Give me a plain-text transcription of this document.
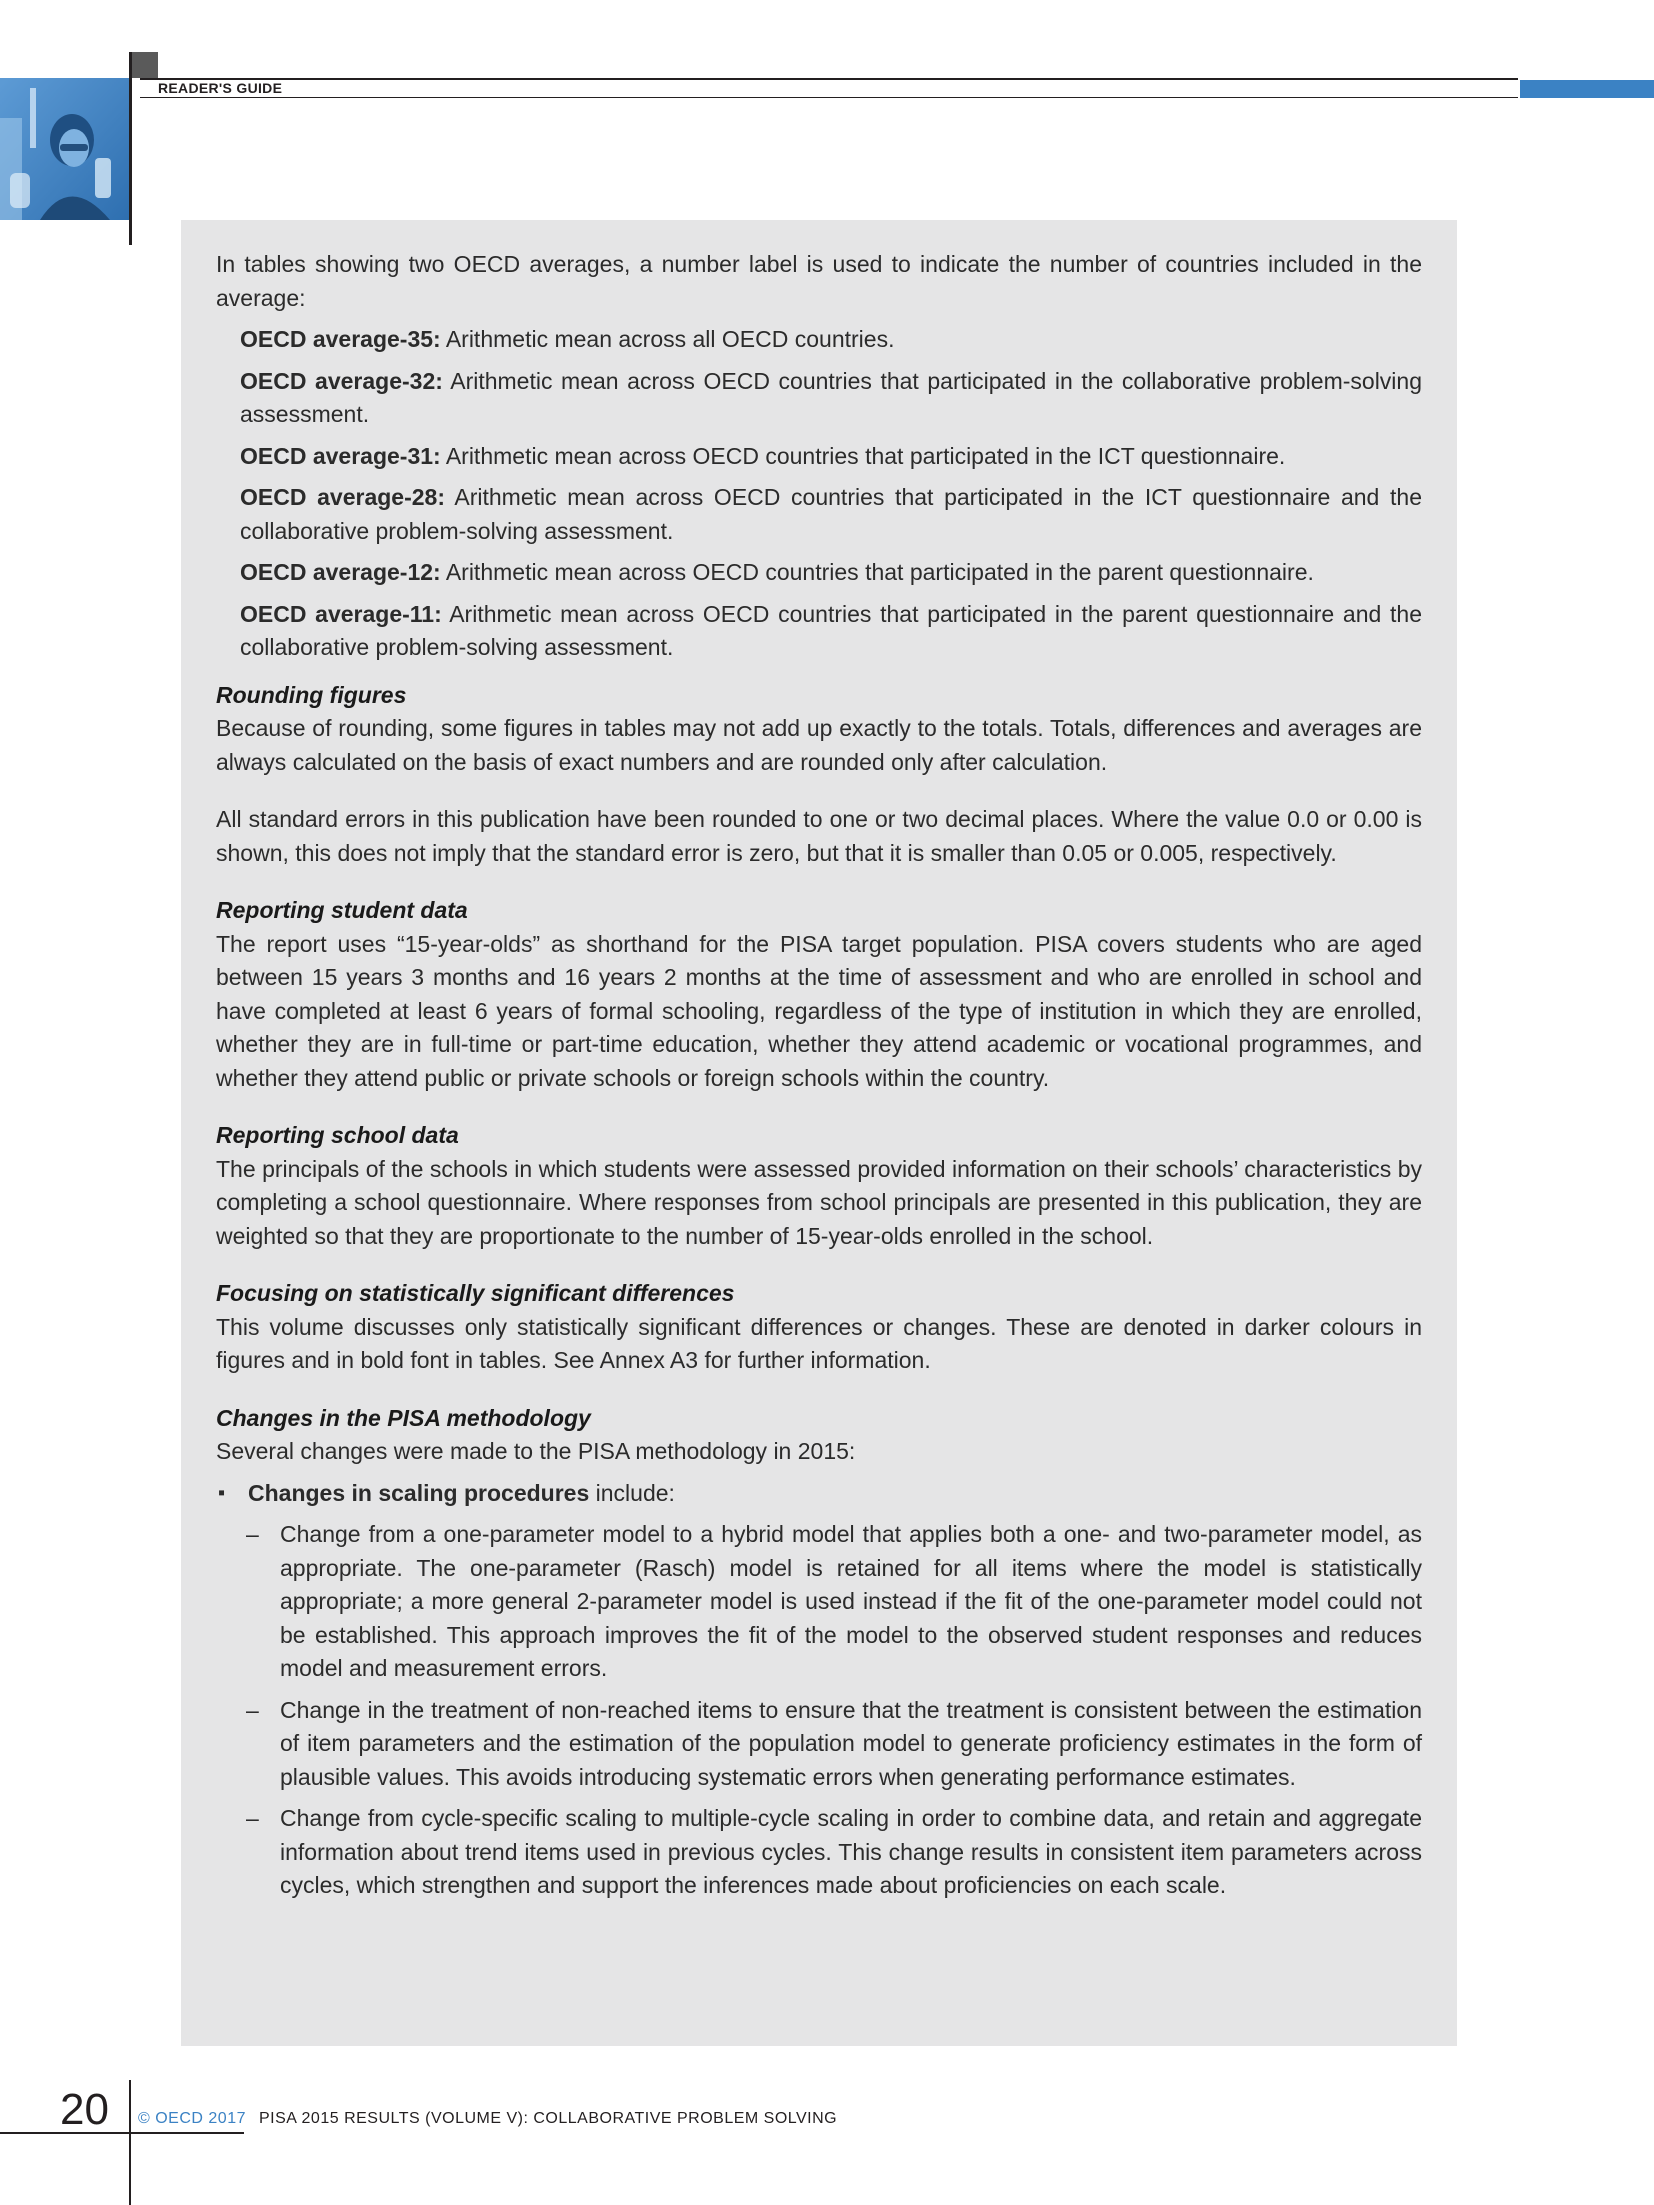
READER'S GUIDE

In tables showing two OECD averages, a number label is used to indicate the number of countries included in the average:

OECD average-35: Arithmetic mean across all OECD countries.

OECD average-32: Arithmetic mean across OECD countries that participated in the collaborative problem-solving assessment.

OECD average-31: Arithmetic mean across OECD countries that participated in the ICT questionnaire.

OECD average-28: Arithmetic mean across OECD countries that participated in the ICT questionnaire and the collaborative problem-solving assessment.

OECD average-12: Arithmetic mean across OECD countries that participated in the parent questionnaire.

OECD average-11: Arithmetic mean across OECD countries that participated in the parent questionnaire and the collaborative problem-solving assessment.

Rounding figures

Because of rounding, some figures in tables may not add up exactly to the totals. Totals, differences and averages are always calculated on the basis of exact numbers and are rounded only after calculation.

All standard errors in this publication have been rounded to one or two decimal places. Where the value 0.0 or 0.00 is shown, this does not imply that the standard error is zero, but that it is smaller than 0.05 or 0.005, respectively.

Reporting student data

The report uses “15-year-olds” as shorthand for the PISA target population. PISA covers students who are aged between 15 years 3 months and 16 years 2 months at the time of assessment and who are enrolled in school and have completed at least 6 years of formal schooling, regardless of the type of institution in which they are enrolled, whether they are in full-time or part-time education, whether they attend academic or vocational programmes, and whether they attend public or private schools or foreign schools within the country.

Reporting school data

The principals of the schools in which students were assessed provided information on their schools’ characteristics by completing a school questionnaire. Where responses from school principals are presented in this publication, they are weighted so that they are proportionate to the number of 15-year-olds enrolled in the school.

Focusing on statistically significant differences

This volume discusses only statistically significant differences or changes. These are denoted in darker colours in figures and in bold font in tables. See Annex A3 for further information.

Changes in the PISA methodology

Several changes were made to the PISA methodology in 2015:

▪ Changes in scaling procedures include:

– Change from a one-parameter model to a hybrid model that applies both a one- and two-parameter model, as appropriate. The one-parameter (Rasch) model is retained for all items where the model is statistically appropriate; a more general 2-parameter model is used instead if the fit of the one-parameter model could not be established. This approach improves the fit of the model to the observed student responses and reduces model and measurement errors.

– Change in the treatment of non-reached items to ensure that the treatment is consistent between the estimation of item parameters and the estimation of the population model to generate proficiency estimates in the form of plausible values. This avoids introducing systematic errors when generating performance estimates.

– Change from cycle-specific scaling to multiple-cycle scaling in order to combine data, and retain and aggregate information about trend items used in previous cycles. This change results in consistent item parameters across cycles, which strengthen and support the inferences made about proficiencies on each scale.

20 © OECD 2017 PISA 2015 RESULTS (VOLUME V): COLLABORATIVE PROBLEM SOLVING
